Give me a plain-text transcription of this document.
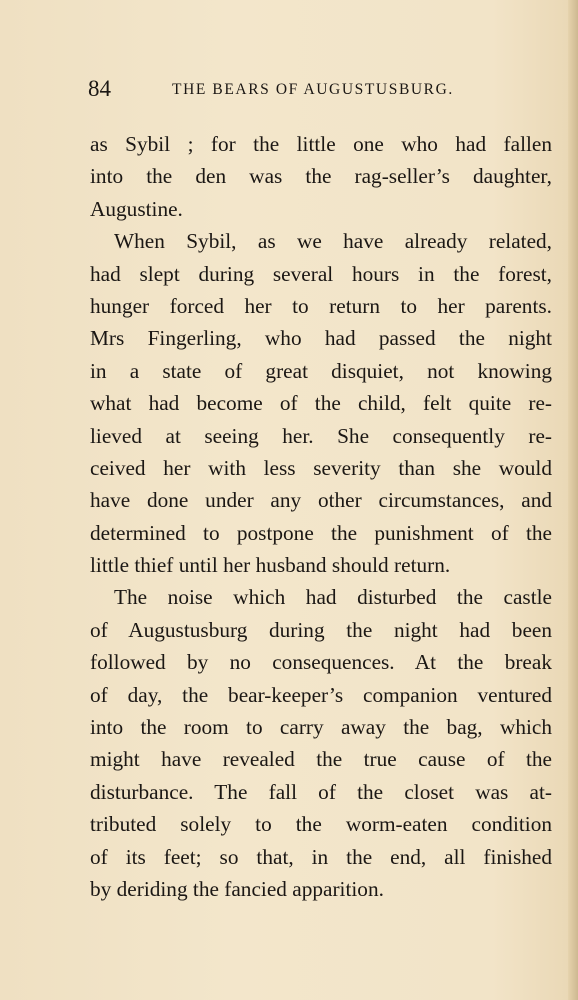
84	THE BEARS OF AUGUSTUSBURG.
as Sybil ; for the little one who had fallen
into the den was the rag-seller’s daughter,
Augustine.
When Sybil, as we have already related,
had slept during several hours in the forest,
hunger forced her to return to her parents.
Mrs Fingerling, who had passed the night
in a state of great disquiet, not knowing
what had become of the child, felt quite re-
lieved at seeing her. She consequently re-
ceived her with less severity than she would
have done under any other circumstances, and
determined to postpone the punishment of the
little thief until her husband should return.
The noise which had disturbed the castle
of Augustusburg during the night had been
followed by no consequences. At the break
of day, the bear-keeper’s companion ventured
into the room to carry away the bag, which
might have revealed the true cause of the
disturbance. The fall of the closet was at-
tributed solely to the worm-eaten condition
of its feet; so that, in the end, all finished
by deriding the fancied apparition.
